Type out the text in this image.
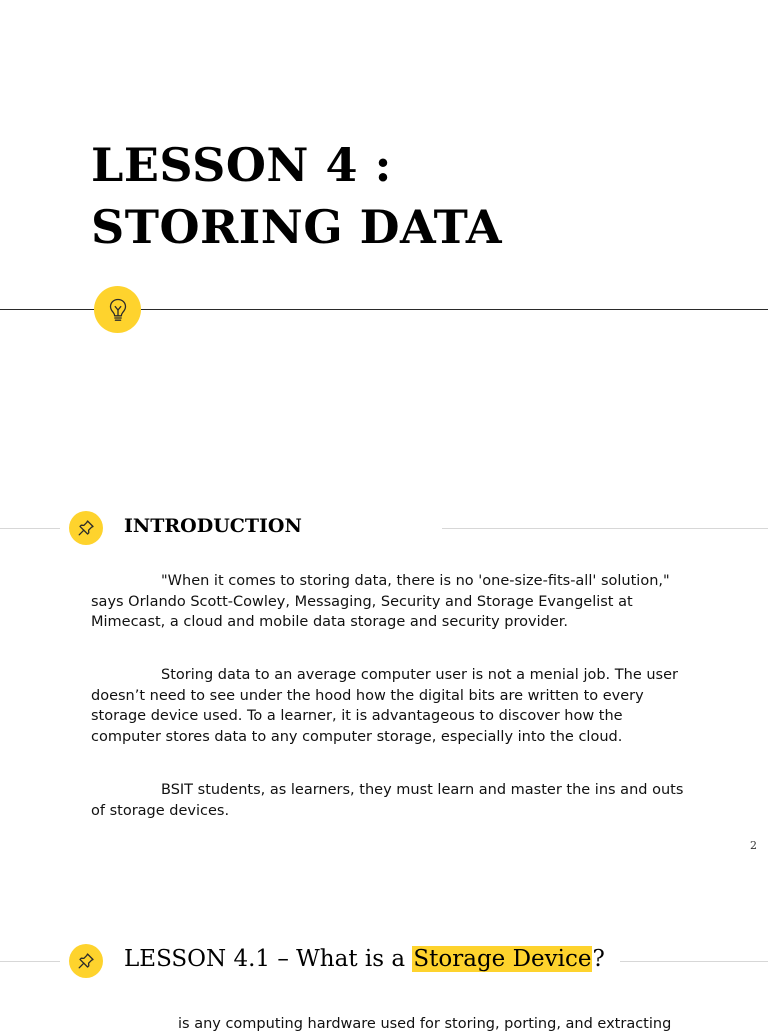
LESSON 4 :
STORING DATA
INTRODUCTION

"When it comes to storing data, there is no 'one-size-fits-all' solution," says Orlando Scott-Cowley, Messaging, Security and Storage Evangelist at Mimecast, a cloud and mobile data storage and security provider.

Storing data to an average computer user is not a menial job. The user doesn’t need to see under the hood how the digital bits are written to every storage device used. To a learner, it is advantageous to discover how the computer stores data to any computer storage, especially into the cloud.

BSIT students, as learners, they must learn and master the ins and outs of storage devices.

2
LESSON 4.1 – What is a Storage Device?
is any computing hardware used for storing, porting, and extracting
